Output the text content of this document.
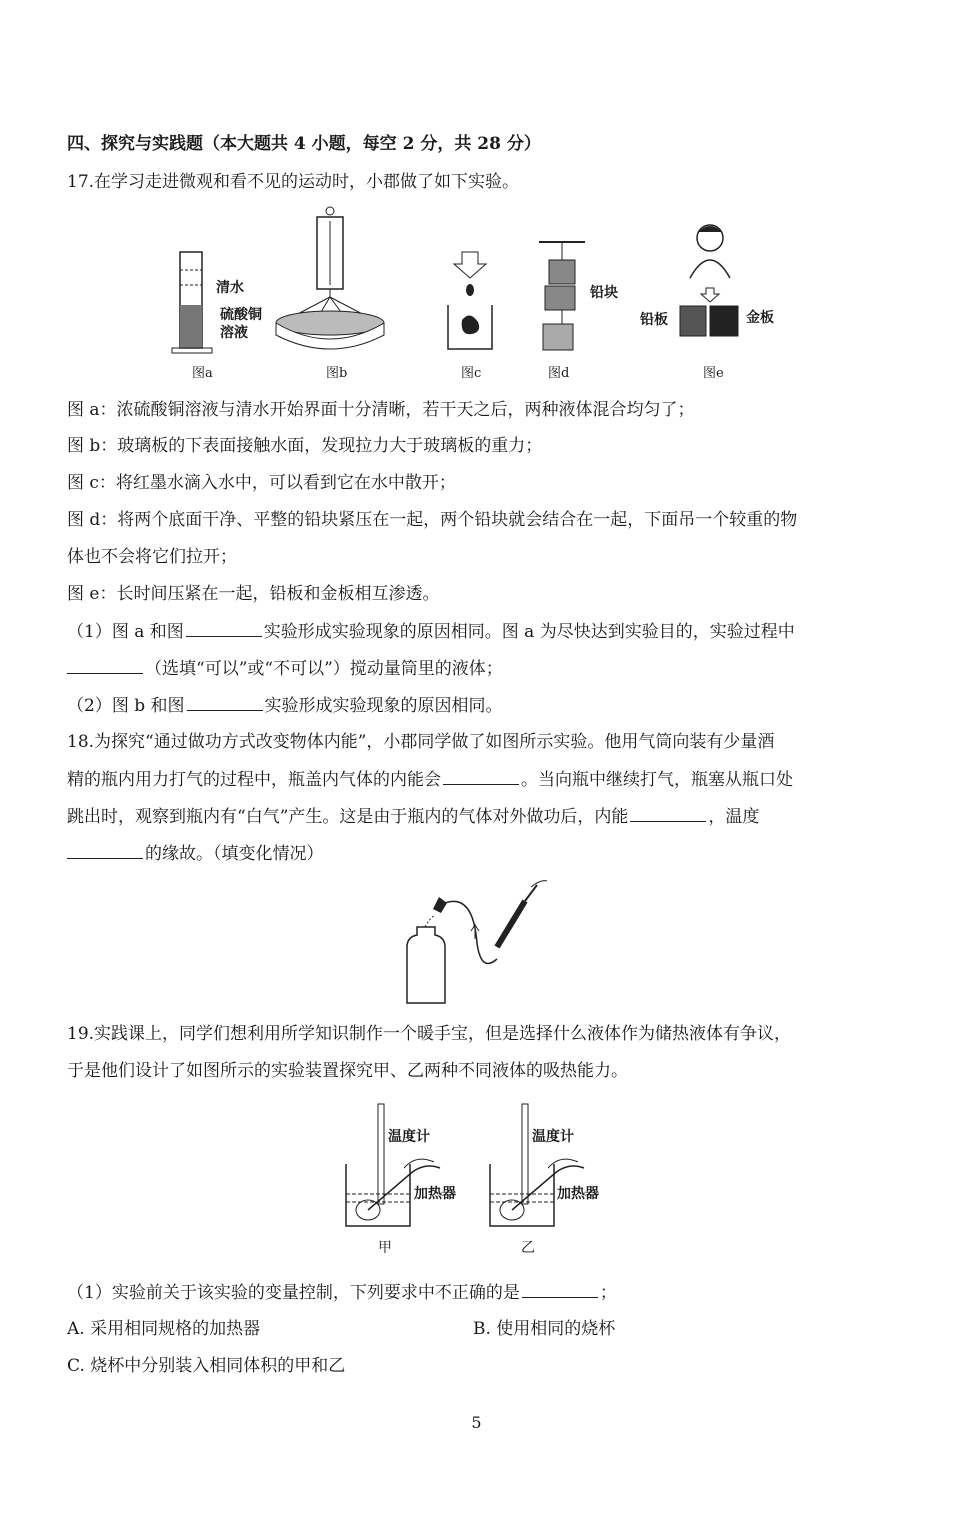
四、探究与实践题（本大题共 4 小题，每空 2 分，共 28 分）
17.在学习走进微观和看不见的运动时，小郡做了如下实验。
清水
硫酸铜
溶液
铅块
铅板	金板
图a	图b	图c	图d	图e
图 a：浓硫酸铜溶液与清水开始界面十分清晰，若干天之后，两种液体混合均匀了；
图 b：玻璃板的下表面接触水面，发现拉力大于玻璃板的重力；
图 c：将红墨水滴入水中，可以看到它在水中散开；
图 d：将两个底面干净、平整的铅块紧压在一起，两个铅块就会结合在一起，下面吊一个较重的物
体也不会将它们拉开；
图 e：长时间压紧在一起，铅板和金板相互渗透。
（1）图 a 和图	实验形成实验现象的原因相同。图 a 为尽快达到实验目的，实验过程中
（选填“可以”或“不可以”）搅动量筒里的液体；
（2）图 b 和图	实验形成实验现象的原因相同。
18.为探究“通过做功方式改变物体内能”，小郡同学做了如图所示实验。他用气筒向装有少量酒
精的瓶内用力打气的过程中，瓶盖内气体的内能会	。当向瓶中继续打气，瓶塞从瓶口处
跳出时，观察到瓶内有“白气”产生。这是由于瓶内的气体对外做功后，内能	，温度
的缘故。（填变化情况）
19.实践课上，同学们想利用所学知识制作一个暖手宝，但是选择什么液体作为储热液体有争议，
于是他们设计了如图所示的实验装置探究甲、乙两种不同液体的吸热能力。
温度计
加热器
温度计
加热器
甲	乙
（1）实验前关于该实验的变量控制，下列要求中不正确的是	；
A. 采用相同规格的加热器	B. 使用相同的烧杯
C. 烧杯中分别装入相同体积的甲和乙
5
